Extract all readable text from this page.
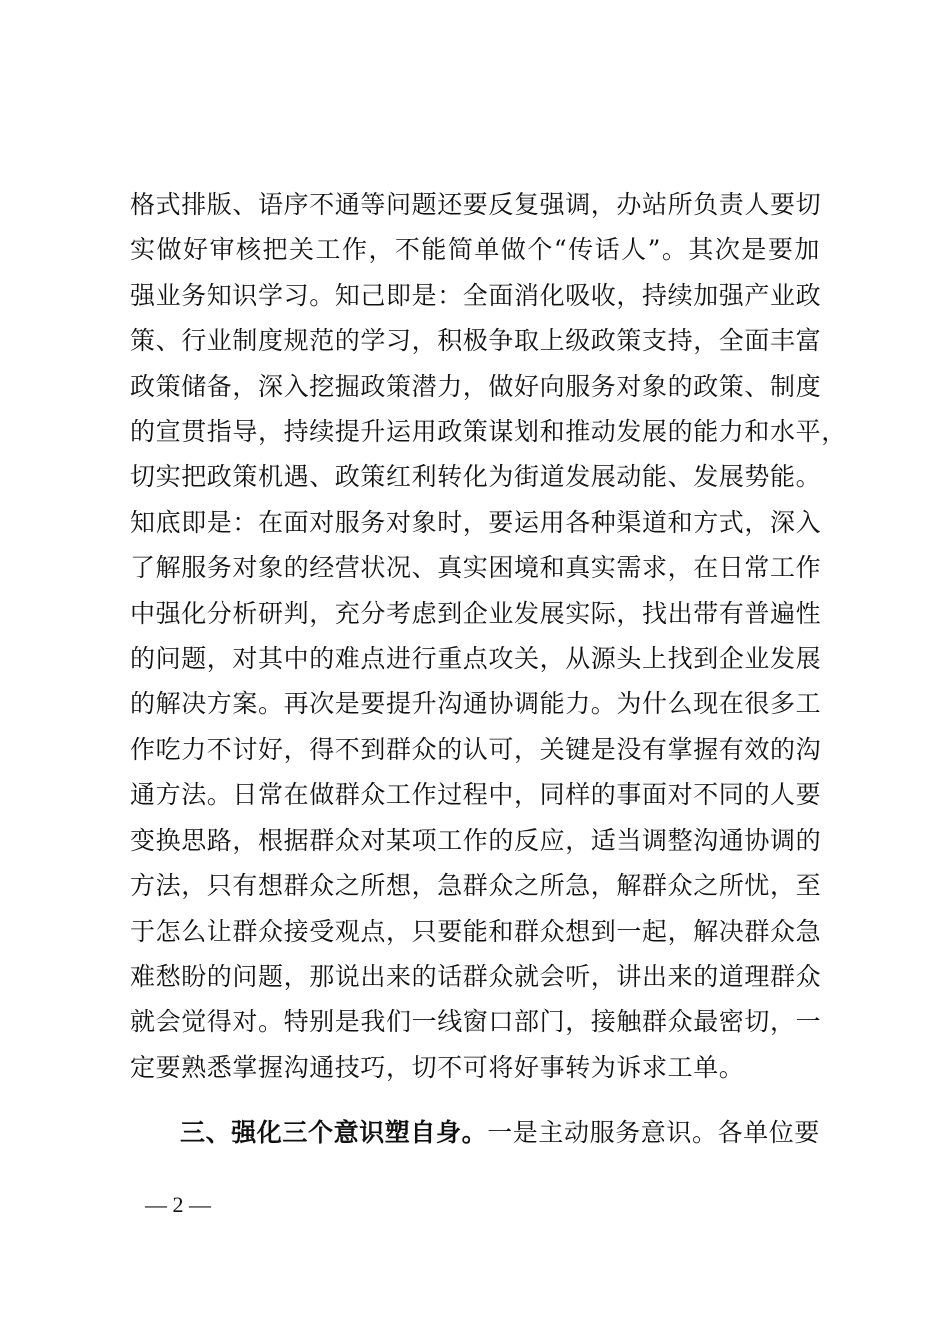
格式排版、语序不通等问题还要反复强调，办站所负责人要切
实做好审核把关工作，不能简单做个“传话人”。其次是要加
强业务知识学习。知己即是：全面消化吸收，持续加强产业政
策、行业制度规范的学习，积极争取上级政策支持，全面丰富
政策储备，深入挖掘政策潜力，做好向服务对象的政策、制度
的宣贯指导，持续提升运用政策谋划和推动发展的能力和水平，
切实把政策机遇、政策红利转化为街道发展动能、发展势能。
知底即是：在面对服务对象时，要运用各种渠道和方式，深入
了解服务对象的经营状况、真实困境和真实需求，在日常工作
中强化分析研判，充分考虑到企业发展实际，找出带有普遍性
的问题，对其中的难点进行重点攻关，从源头上找到企业发展
的解决方案。再次是要提升沟通协调能力。为什么现在很多工
作吃力不讨好，得不到群众的认可，关键是没有掌握有效的沟
通方法。日常在做群众工作过程中，同样的事面对不同的人要
变换思路，根据群众对某项工作的反应，适当调整沟通协调的
方法，只有想群众之所想，急群众之所急，解群众之所忧，至
于怎么让群众接受观点，只要能和群众想到一起，解决群众急
难愁盼的问题，那说出来的话群众就会听，讲出来的道理群众
就会觉得对。特别是我们一线窗口部门，接触群众最密切，一
定要熟悉掌握沟通技巧，切不可将好事转为诉求工单。
三、强化三个意识塑自身。一是主动服务意识。各单位要
— 2 —
